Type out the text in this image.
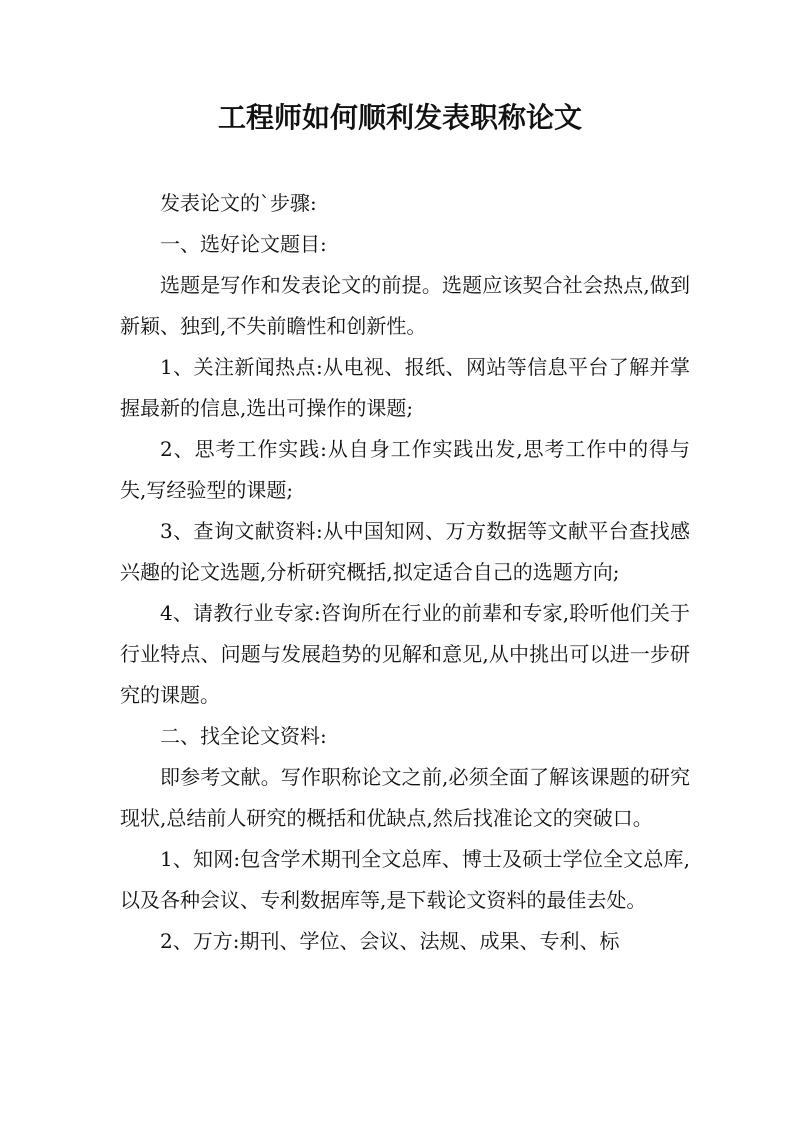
工程师如何顺利发表职称论文

发表论文的`步骤:

一、选好论文题目:

选题是写作和发表论文的前提。选题应该契合社会热点,做到新颖、独到,不失前瞻性和创新性。

1、关注新闻热点:从电视、报纸、网站等信息平台了解并掌握最新的信息,选出可操作的课题;

2、思考工作实践:从自身工作实践出发,思考工作中的得与失,写经验型的课题;

3、查询文献资料:从中国知网、万方数据等文献平台查找感兴趣的论文选题,分析研究概括,拟定适合自己的选题方向;

4、请教行业专家:咨询所在行业的前辈和专家,聆听他们关于行业特点、问题与发展趋势的见解和意见,从中挑出可以进一步研究的课题。

二、找全论文资料:

即参考文献。写作职称论文之前,必须全面了解该课题的研究现状,总结前人研究的概括和优缺点,然后找准论文的突破口。

1、知网:包含学术期刊全文总库、博士及硕士学位全文总库,以及各种会议、专利数据库等,是下载论文资料的最佳去处。

2、万方:期刊、学位、会议、法规、成果、专利、标
